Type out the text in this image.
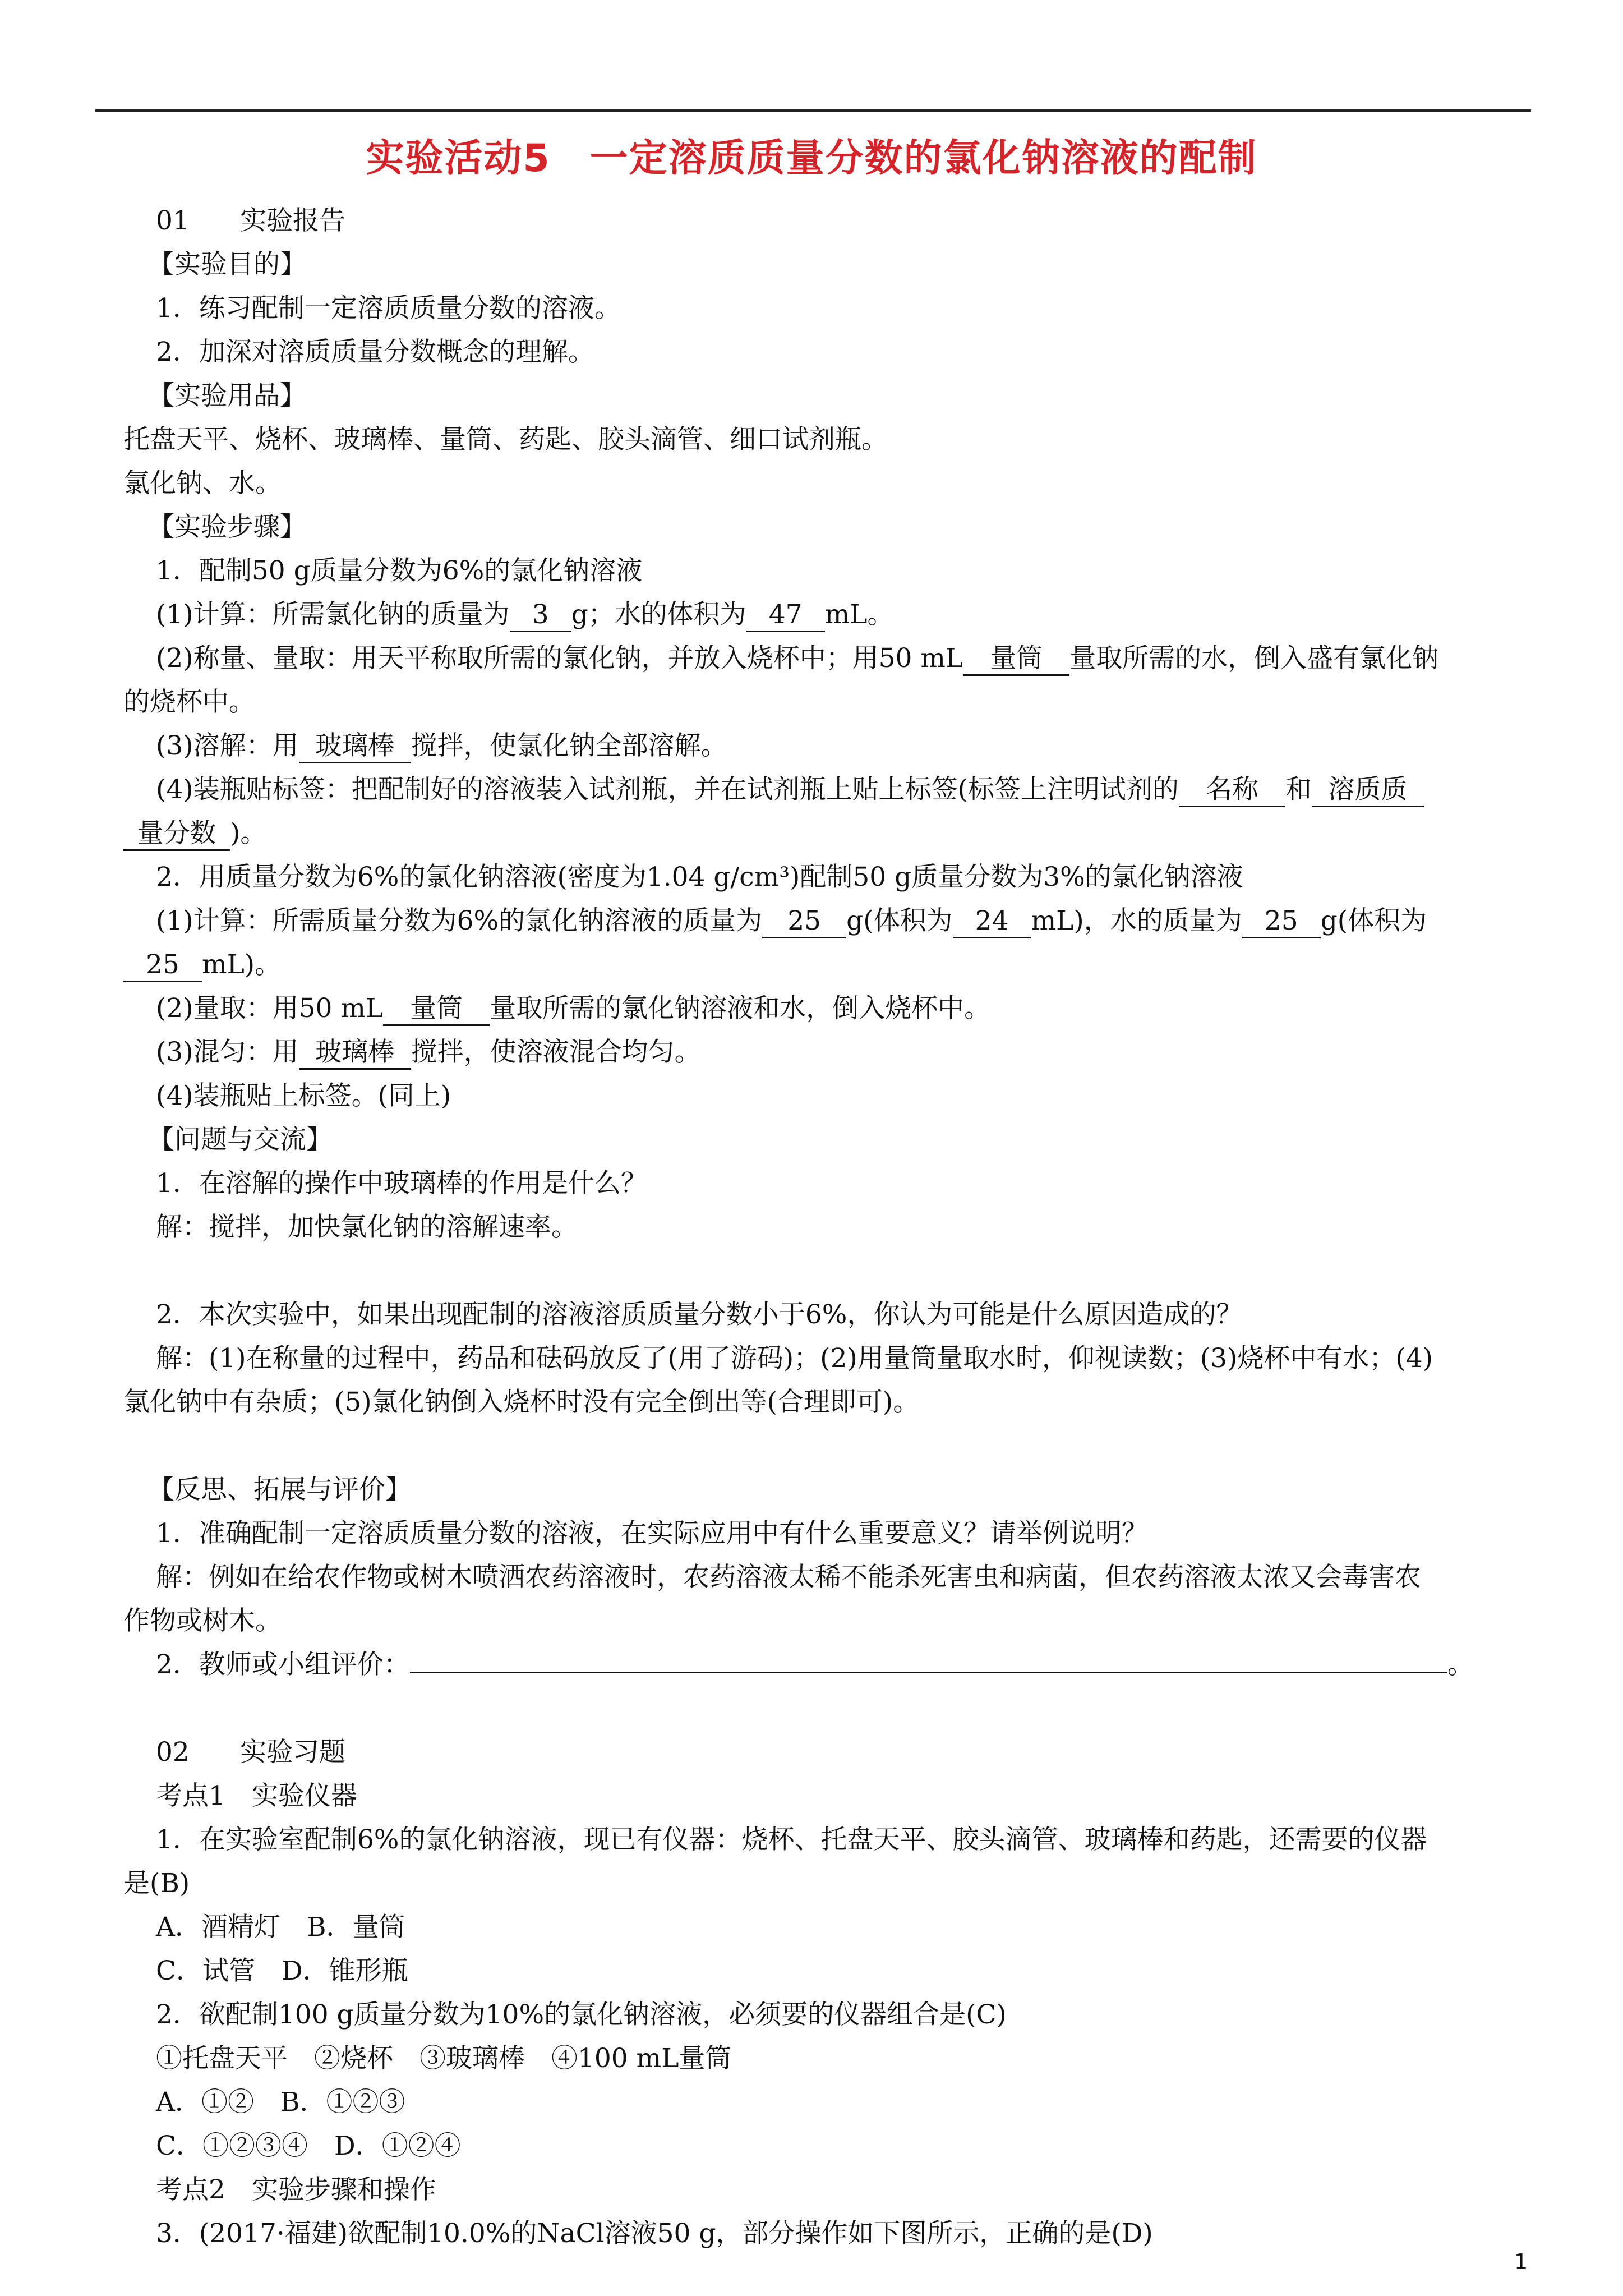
实验活动5　一定溶质质量分数的氯化钠溶液的配制
01 实验报告
【实验目的】
1．练习配制一定溶质质量分数的溶液。
2．加深对溶质质量分数概念的理解。
【实验用品】
托盘天平、烧杯、玻璃棒、量筒、药匙、胶头滴管、细口试剂瓶。
氯化钠、水。
【实验步骤】
1．配制50 g质量分数为6%的氯化钠溶液
(1)计算：所需氯化钠的质量为 3 g；水的体积为 47 mL。
(2)称量、量取：用天平称取所需的氯化钠，并放入烧杯中；用50 mL 量筒 量取所需的水，倒入盛有氯化钠
的烧杯中。
(3)溶解：用 玻璃棒 搅拌，使氯化钠全部溶解。
(4)装瓶贴标签：把配制好的溶液装入试剂瓶，并在试剂瓶上贴上标签(标签上注明试剂的 名称 和 溶质质
量分数 )。
2．用质量分数为6%的氯化钠溶液(密度为1.04 g/cm³)配制50 g质量分数为3%的氯化钠溶液
(1)计算：所需质量分数为6%的氯化钠溶液的质量为 25 g(体积为 24 mL)，水的质量为 25 g(体积为
25 mL)。
(2)量取：用50 mL 量筒 量取所需的氯化钠溶液和水，倒入烧杯中。
(3)混匀：用 玻璃棒 搅拌，使溶液混合均匀。
(4)装瓶贴上标签。(同上)
【问题与交流】
1．在溶解的操作中玻璃棒的作用是什么？
解：搅拌，加快氯化钠的溶解速率。
2．本次实验中，如果出现配制的溶液溶质质量分数小于6%，你认为可能是什么原因造成的？
解：(1)在称量的过程中，药品和砝码放反了(用了游码)；(2)用量筒量取水时，仰视读数；(3)烧杯中有水；(4)
氯化钠中有杂质；(5)氯化钠倒入烧杯时没有完全倒出等(合理即可)。
【反思、拓展与评价】
1．准确配制一定溶质质量分数的溶液，在实际应用中有什么重要意义？请举例说明？
解：例如在给农作物或树木喷洒农药溶液时，农药溶液太稀不能杀死害虫和病菌，但农药溶液太浓又会毒害农
作物或树木。
2．教师或小组评价：	。
02 实验习题
考点1　实验仪器
1．在实验室配制6%的氯化钠溶液，现已有仪器：烧杯、托盘天平、胶头滴管、玻璃棒和药匙，还需要的仪器
是(B)
A．酒精灯　B．量筒
C．试管　D．锥形瓶
2．欲配制100 g质量分数为10%的氯化钠溶液，必须要的仪器组合是(C)
①托盘天平　②烧杯　③玻璃棒　④100 mL量筒
A．①②　B．①②③
C．①②③④　D．①②④
考点2　实验步骤和操作
3．(2017·福建)欲配制10.0%的NaCl溶液50 g，部分操作如下图所示，正确的是(D)
1
